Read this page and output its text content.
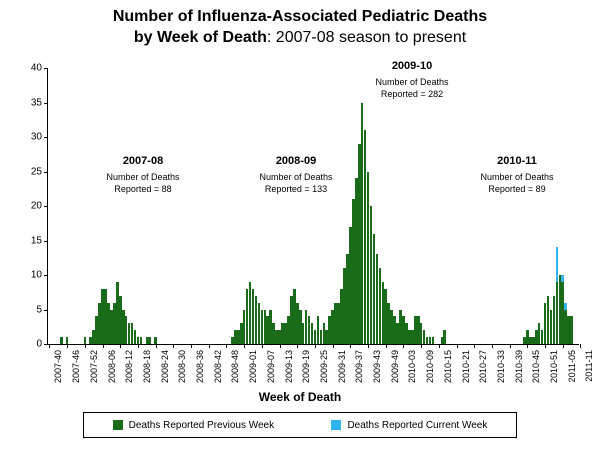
Number of Influenza-Associated Pediatric Deaths
by Week of Death: 2007-08 season to present
0
5
10
15
20
25
30
35
40
2007-40 2007-46 2007-52 2008-06 2008-12 2008-18 2008-24 2008-30 2008-36 2008-42 2008-48 2009-01 2009-07 2009-13 2009-19 2009-25 2009-31 2009-37 2009-43 2009-49 2010-03 2010-09 2010-15 2010-21 2010-27 2010-33 2010-39 2010-45 2010-51 2011-05 2011-11
Week of Death
2007-08
Number of Deaths
Reported = 88
2008-09
Number of Deaths
Reported = 133
2009-10
Number of Deaths
Reported = 282
2010-11
Number of Deaths
Reported = 89
Deaths Reported Previous Week	Deaths Reported Current Week
